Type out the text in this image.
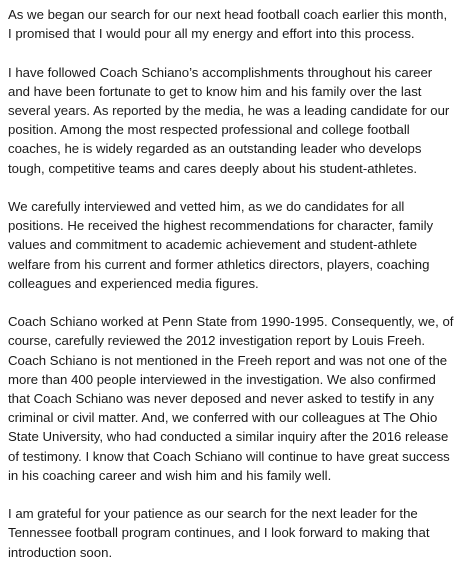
As we began our search for our next head football coach earlier this month, I promised that I would pour all my energy and effort into this process.

I have followed Coach Schiano’s accomplishments throughout his career and have been fortunate to get to know him and his family over the last several years. As reported by the media, he was a leading candidate for our position. Among the most respected professional and college football coaches, he is widely regarded as an outstanding leader who develops tough, competitive teams and cares deeply about his student-athletes.

We carefully interviewed and vetted him, as we do candidates for all positions. He received the highest recommendations for character, family values and commitment to academic achievement and student-athlete welfare from his current and former athletics directors, players, coaching colleagues and experienced media figures.

Coach Schiano worked at Penn State from 1990-1995. Consequently, we, of course, carefully reviewed the 2012 investigation report by Louis Freeh. Coach Schiano is not mentioned in the Freeh report and was not one of the more than 400 people interviewed in the investigation. We also confirmed that Coach Schiano was never deposed and never asked to testify in any criminal or civil matter. And, we conferred with our colleagues at The Ohio State University, who had conducted a similar inquiry after the 2016 release of testimony. I know that Coach Schiano will continue to have great success in his coaching career and wish him and his family well.

I am grateful for your patience as our search for the next leader for the Tennessee football program continues, and I look forward to making that introduction soon.
